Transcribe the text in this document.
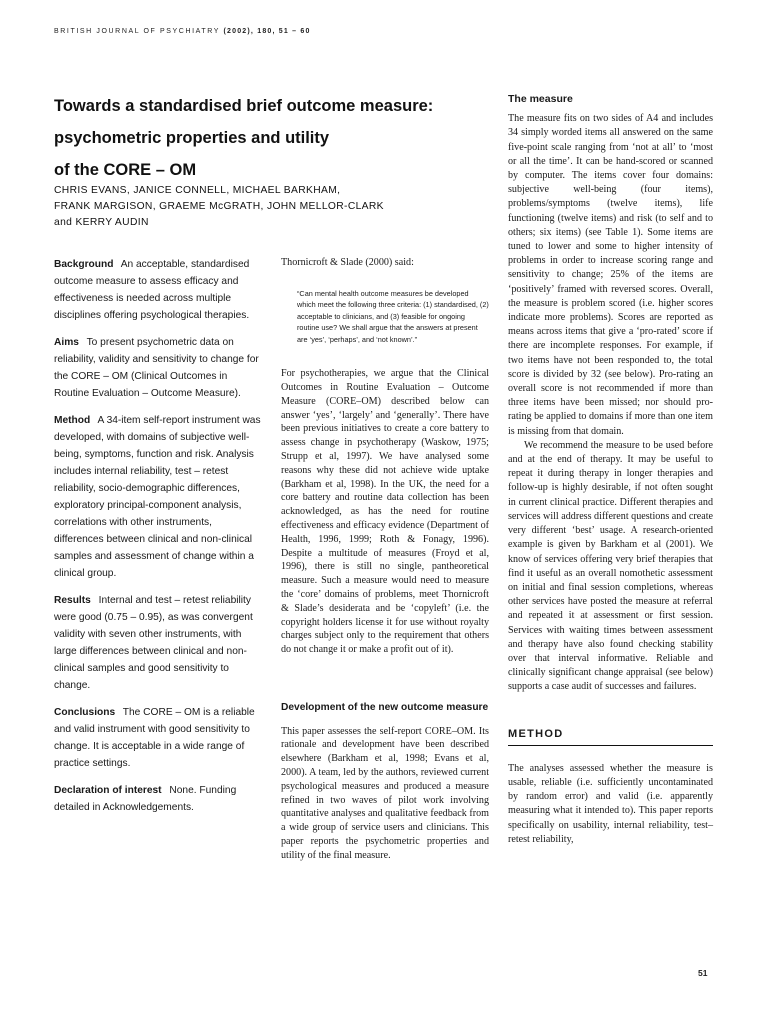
BRITISH JOURNAL OF PSYCHIATRY (2002), 180, 51 – 60
Towards a standardised brief outcome measure:
psychometric properties and utility
of the CORE – OM
CHRIS EVANS, JANICE CONNELL, MICHAEL BARKHAM,
FRANK MARGISON, GRAEME McGRATH, JOHN MELLOR-CLARK
and KERRY AUDIN

Background An acceptable, standardised outcome measure to assess efficacy and effectiveness is needed across multiple disciplines offering psychological therapies.

Aims To present psychometric data on reliability, validity and sensitivity to change for the CORE – OM (Clinical Outcomes in Routine Evaluation – Outcome Measure).

Method A 34-item self-report instrument was developed, with domains of subjective well-being, symptoms, function and risk. Analysis includes internal reliability, test – retest reliability, socio-demographic differences, exploratory principal-component analysis, correlations with other instruments, differences between clinical and non-clinical samples and assessment of change within a clinical group.

Results Internal and test – retest reliability were good (0.75 – 0.95), as was convergent validity with seven other instruments, with large differences between clinical and non-clinical samples and good sensitivity to change.

Conclusions The CORE – OM is a reliable and valid instrument with good sensitivity to change. It is acceptable in a wide range of practice settings.

Declaration of interest None. Funding detailed in Acknowledgements.

Thornicroft & Slade (2000) said:

“Can mental health outcome measures be developed which meet the following three criteria: (1) standardised, (2) acceptable to clinicians, and (3) feasible for ongoing routine use? We shall argue that the answers at present are ‘yes’, ‘perhaps’, and ‘not known’.”

For psychotherapies, we argue that the Clinical Outcomes in Routine Evaluation – Outcome Measure (CORE–OM) described below can answer ‘yes’, ‘largely’ and ‘generally’. There have been previous initiatives to create a core battery to assess change in psychotherapy (Waskow, 1975; Strupp et al, 1997). We have analysed some reasons why these did not achieve wide uptake (Barkham et al, 1998). In the UK, the need for a core battery and routine data collection has been acknowledged, as has the need for routine effectiveness and efficacy evidence (Department of Health, 1996, 1999; Roth & Fonagy, 1996). Despite a multitude of measures (Froyd et al, 1996), there is still no single, pantheoretical measure. Such a measure would need to measure the ‘core’ domains of problems, meet Thornicroft & Slade’s desiderata and be ‘copyleft’ (i.e. the copyright holders license it for use without royalty charges subject only to the requirement that others do not change it or make a profit out of it).

Development of the new outcome measure

This paper assesses the self-report CORE–OM. Its rationale and development have been described elsewhere (Barkham et al, 1998; Evans et al, 2000). A team, led by the authors, reviewed current psychological measures and produced a measure refined in two waves of pilot work involving quantitative analyses and qualitative feedback from a wide group of service users and clinicians. This paper reports the psychometric properties and utility of the final measure.

The measure

The measure fits on two sides of A4 and includes 34 simply worded items all answered on the same five-point scale ranging from ‘not at all’ to ‘most or all the time’. It can be hand-scored or scanned by computer. The items cover four domains: subjective well-being (four items), problems/symptoms (twelve items), life functioning (twelve items) and risk (to self and to others; six items) (see Table 1). Some items are tuned to lower and some to higher intensity of problems in order to increase scoring range and sensitivity to change; 25% of the items are ‘positively’ framed with reversed scores. Overall, the measure is problem scored (i.e. higher scores indicate more problems). Scores are reported as means across items that give a ‘pro-rated’ score if there are incomplete responses. For example, if two items have not been responded to, the total score is divided by 32 (see below). Pro-rating an overall score is not recommended if more than three items have been missed; nor should pro-rating be applied to domains if more than one item is missing from that domain.

We recommend the measure to be used before and at the end of therapy. It may be useful to repeat it during therapy in longer therapies and follow-up is highly desirable, if not often sought in current clinical practice. Different therapies and services will address different questions and create very different ‘best’ usage. A research-oriented example is given by Barkham et al (2001). We know of services offering very brief therapies that find it useful as an overall nomothetic assessment on initial and final session completions, whereas other services have posted the measure at referral and repeated it at assessment or first session. Services with waiting times between assessment and therapy have also found checking stability over that interval informative. Reliable and clinically significant change appraisal (see below) supports a case audit of successes and failures.

METHOD

The analyses assessed whether the measure is usable, reliable (i.e. sufficiently uncontaminated by random error) and valid (i.e. apparently measuring what it intended to). This paper reports specifically on usability, internal reliability, test–retest reliability,

51
